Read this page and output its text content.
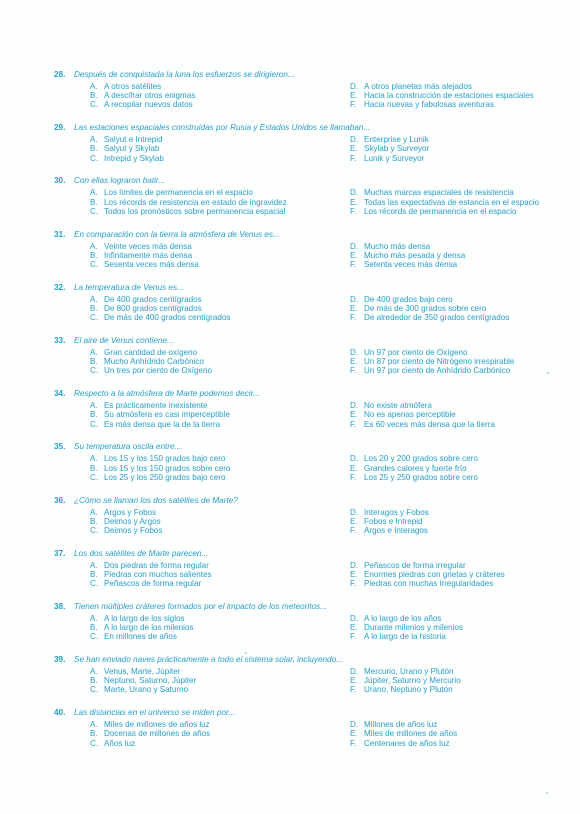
28. Después de conquistada la luna los esfuerzos se dirigieron...
A. A otros satélites
B. A descifrar otros enigmas
C. A recopilar nuevos datos
D. A otros planetas más alejados
E. Hacia la construcción de estaciones espaciales
F. Hacia nuevas y fabulosas aventuras
29. Las estaciones espaciales construidas por Rusia y Estados Unidos se llamaban...
A. Salyut e Intrepid
B. Salyut y Skylab
C. Intrepid y Skylab
D. Enterprise y Lunik
E. Skylab y Surveyor
F. Lunik y Surveyor
30. Con ellas lograron batir...
A. Los límites de permanencia en el espacio
B. Los récords de resistencia en estado de ingravidez
C. Todos los pronósticos sobre permanencia espacial
D. Muchas marcas espaciales de resistencia
E. Todas las expectativas de estancia en el espacio
F. Los récords de permanencia en el espacio
31. En comparación con la tierra la atmósfera de Venus es...
A. Veinte veces más densa
B. Infinitamente más densa
C. Sesenta veces más densa
D. Mucho más densa
E. Mucho más pesada y densa
F. Setenta veces más densa
32. La temperatura de Venus es...
A. De 400 grados centígrados
B. De 800 grados centígrados
C. De más de 400 grados centígrados
D. De 400 grados bajo cero
E. De más de 300 grados sobre cero
F. De alrededor de 350 grados centígrados
33. El aire de Venus contiene...
A. Gran cantidad de oxígeno
B. Mucho Anhídrido Carbónico
C. Un tres por ciento de Oxígeno
D. Un 97 por ciento de Oxígeno
E. Un 87 por ciento de Nitrógeno irrespirable
F. Un 97 por ciento de Anhídrido Carbónico
34. Respecto a la atmósfera de Marte podemos decir...
A. Es prácticamente inexistente
B. Su atmósfera es casi imperceptible
C. Es más densa que la de la tierra
D. No existe atmófera
E. No es apenas perceptible
F. Es 60 veces más densa que la tierra
35. Su temperatura oscila entre...
A. Los 15 y los 150 grados bajo cero
B. Los 15 y los 150 grados sobre cero
C. Los 25 y los 250 grados bajo cero
D. Los 20 y 200 grados sobre cero
E. Grandes calores y fuerte frío
F. Los 25 y 250 grados sobre cero
36. ¿Cómo se llaman los dos satélites de Marte?
A. Argos y Fobos
B. Deimos y Argos
C. Deimos y Fobos
D. Interagos y Fobos
E. Fobos e Intrepid
F. Argos e Interagos
37. Los dos satélites de Marte parecen...
A. Dos piedras de forma regular
B. Piedras con muchos salientes
C. Peñascos de forma regular
D. Peñascos de forma irregular
E. Enormes piedras con grietas y cráteres
F. Piedras con muchas irregularidades
38. Tienen múltiples cráteres formados por el impacto de los meteoritos...
A. A lo largo de los siglos
B. A lo largo de los milenios
C. En millones de años
D. A lo largo de los años
E. Durante milenios y milenios
F. A lo largo de la historia
39. Se han enviado naves prácticamente a todo el sistema solar, incluyendo...
A. Venus, Marte, Júpiter
B. Neptuno, Saturno, Júpiter
C. Marte, Urano y Saturno
D. Mercurio, Urano y Plutón
E. Júpiter, Saturno y Mercurio
F. Urano, Neptuno y Plutón
40. Las distancias en el universo se miden por...
A. Miles de millones de años luz
B. Docenas de millones de años
C. Años luz
D. Millones de años luz
E. Miles de millones de años
F. Centenares de años luz
